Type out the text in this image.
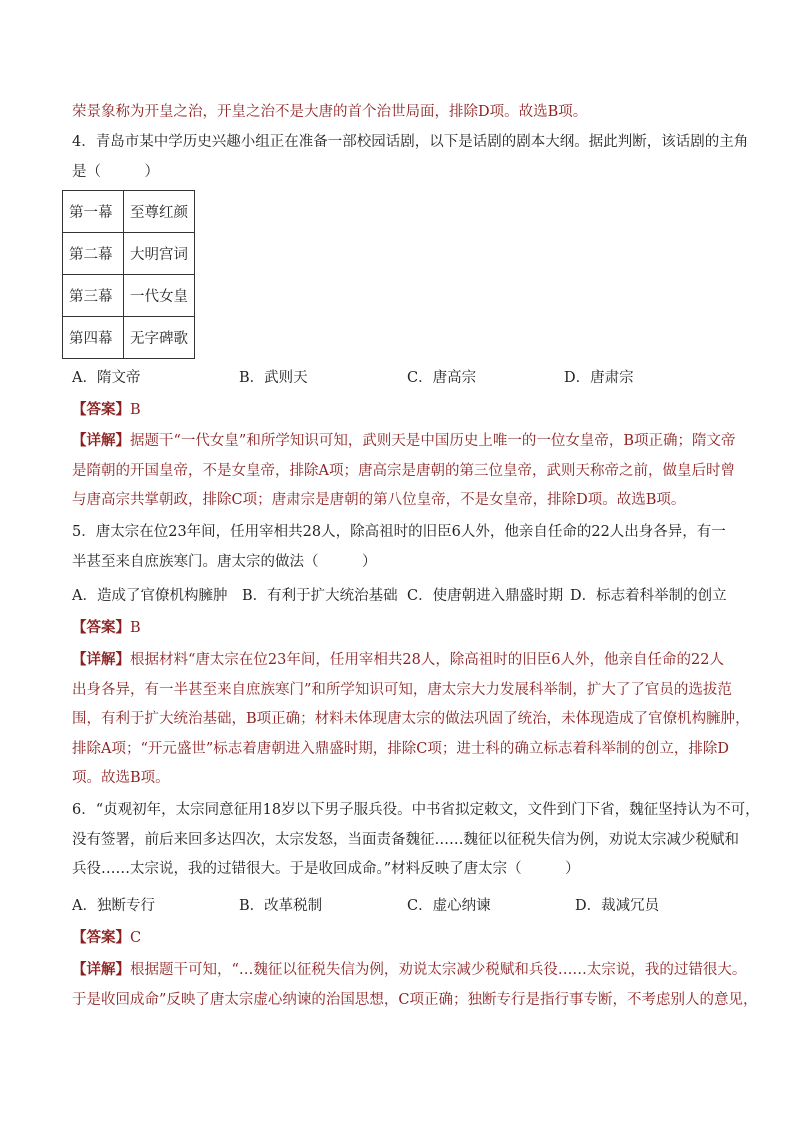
荣景象称为开皇之治，开皇之治不是大唐的首个治世局面，排除D项。故选B项。
4．青岛市某中学历史兴趣小组正在准备一部校园话剧，以下是话剧的剧本大纲。据此判断，该话剧的主角
是（　　　）
第一幕	至尊红颜
第二幕	大明宫词
第三幕	一代女皇
第四幕	无字碑歌
A．隋文帝	B．武则天	C．唐高宗	D．唐肃宗
【答案】B
【详解】据题干“一代女皇”和所学知识可知，武则天是中国历史上唯一的一位女皇帝，B项正确；隋文帝
是隋朝的开国皇帝，不是女皇帝，排除A项；唐高宗是唐朝的第三位皇帝，武则天称帝之前，做皇后时曾
与唐高宗共掌朝政，排除C项；唐肃宗是唐朝的第八位皇帝，不是女皇帝，排除D项。故选B项。
5．唐太宗在位23年间，任用宰相共28人，除高祖时的旧臣6人外，他亲自任命的22人出身各异，有一
半甚至来自庶族寒门。唐太宗的做法（　　　）
A．造成了官僚机构臃肿 B．有利于扩大统治基础 C．使唐朝进入鼎盛时期 D．标志着科举制的创立
【答案】B
【详解】根据材料“唐太宗在位23年间，任用宰相共28人，除高祖时的旧臣6人外，他亲自任命的22人
出身各异，有一半甚至来自庶族寒门”和所学知识可知，唐太宗大力发展科举制，扩大了了官员的选拔范
围，有利于扩大统治基础，B项正确；材料未体现唐太宗的做法巩固了统治，未体现造成了官僚机构臃肿，
排除A项；“开元盛世”标志着唐朝进入鼎盛时期，排除C项；进士科的确立标志着科举制的创立，排除D
项。故选B项。
6．“贞观初年，太宗同意征用18岁以下男子服兵役。中书省拟定敕文，文件到门下省，魏征坚持认为不可，
没有签署，前后来回多达四次，太宗发怒，当面责备魏征……魏征以征税失信为例，劝说太宗减少税赋和
兵役……太宗说，我的过错很大。于是收回成命。”材料反映了唐太宗（　　　）
A．独断专行	B．改革税制	C．虚心纳谏	D．裁减冗员
【答案】C
【详解】根据题干可知，“…魏征以征税失信为例，劝说太宗减少税赋和兵役……太宗说，我的过错很大。
于是收回成命”反映了唐太宗虚心纳谏的治国思想，C项正确；独断专行是指行事专断，不考虑别人的意见，
